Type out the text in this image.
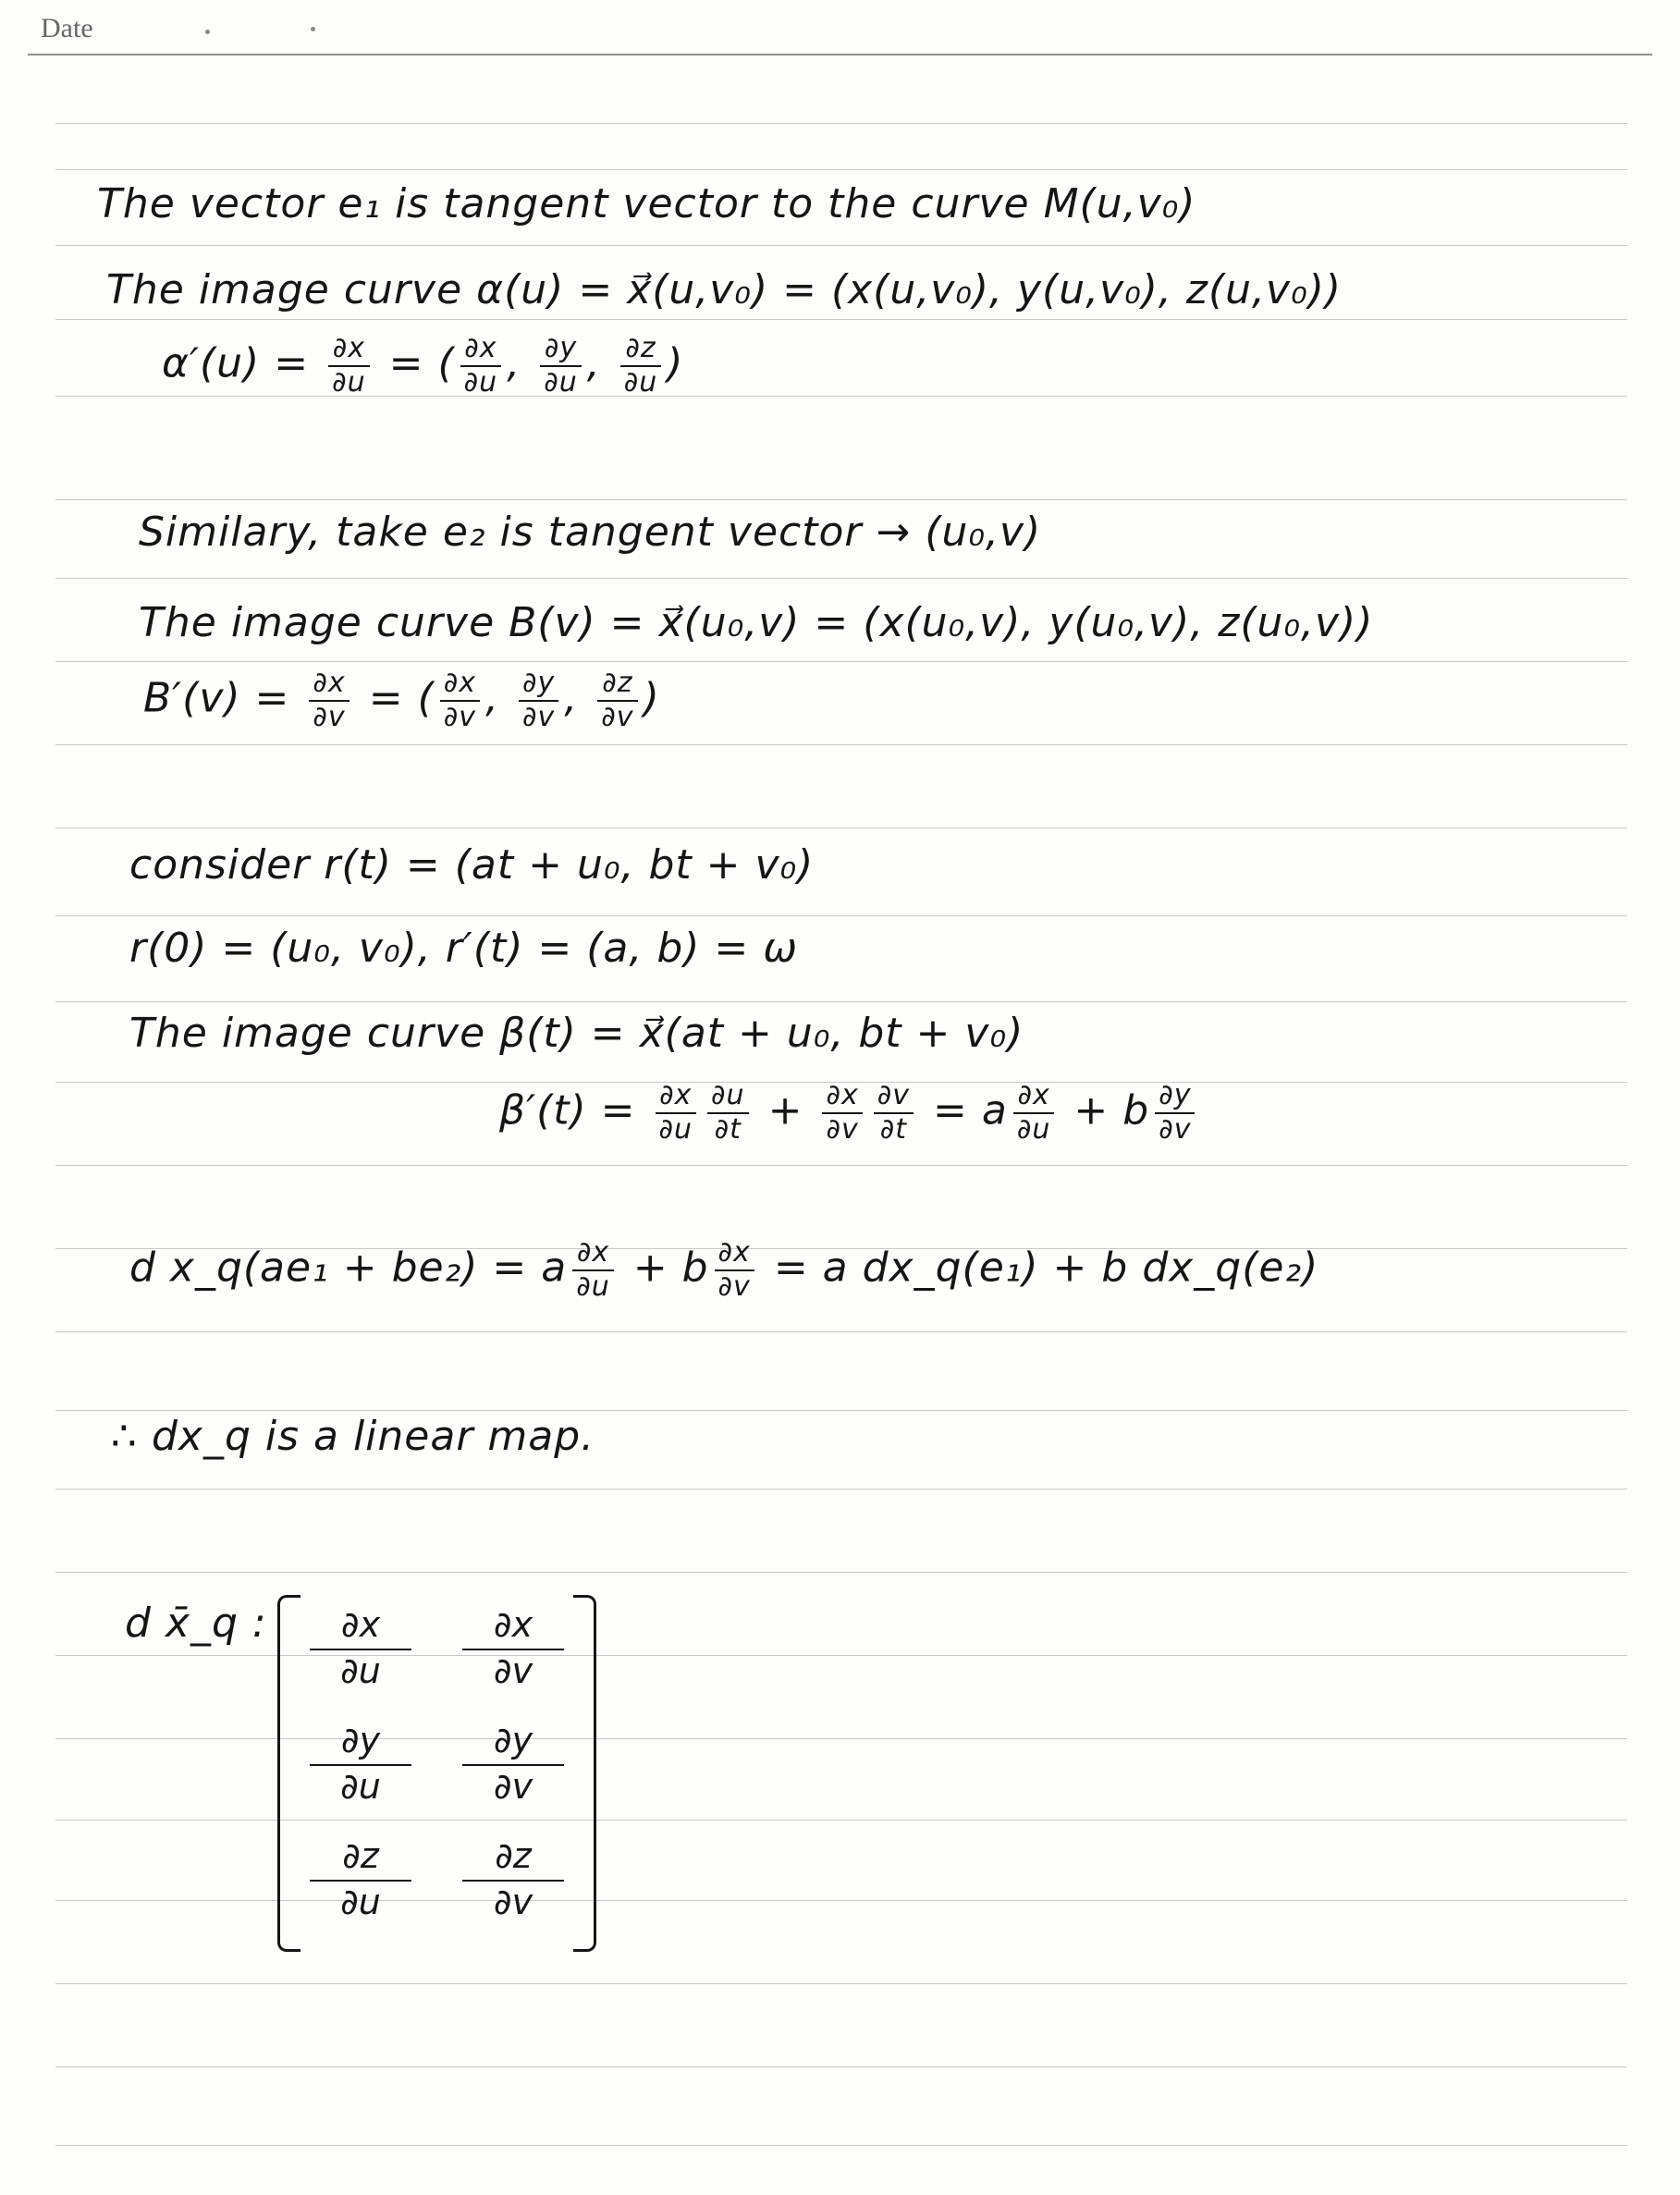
Date
The vector e₁ is tangent vector to the curve M(u,v₀)
The image curve α(u) = x⃗(u,v₀) = (x(u,v₀), y(u,v₀), z(u,v₀))
$\alpha'(u) = \frac{\partial x}{\partial u}$ = ( $\frac{\partial x}{\partial u}$ , $\frac{\partial y}{\partial u}$ , $\frac{\partial z}{\partial u}$ )
Similary, take e₂ is tangent vector → (u₀,v)
The image curve B(v) = x⃗(u₀,v) = (x(u₀,v), y(u₀,v), z(u₀,v))
$B'(v) = \frac{\partial x}{\partial v}$ = ( $\frac{\partial x}{\partial v}$ , $\frac{\partial y}{\partial v}$ , $\frac{\partial z}{\partial v}$ )
consider r(t) = (at + u₀, bt + v₀)
r(0) = (u₀, v₀), r′(t) = (a, b) = ω
The image curve β(t) = x⃗(at + u₀, bt + v₀)
$\beta'(t) = \frac{\partial x}{\partial u} \frac{\partial u}{\partial t} + \frac{\partial x}{\partial v} \frac{\partial v}{\partial t} = a \frac{\partial x}{\partial u} + b \frac{\partial y}{\partial v}$
d x_q(ae₁ + be₂) = a $\frac{\partial x}{\partial u} + b \frac{\partial x}{\partial v} = a$ dx_q(e₁) + b dx_q(e₂)
∴ dx_q is a linear map.
d x̄_q : $\frac{\partial x}{\partial u} \frac{\partial x}{\partial v}$
$\frac{\partial y}{\partial u} \frac{\partial y}{\partial v}$
$\frac{\partial z}{\partial u} \frac{\partial z}{\partial v}$
